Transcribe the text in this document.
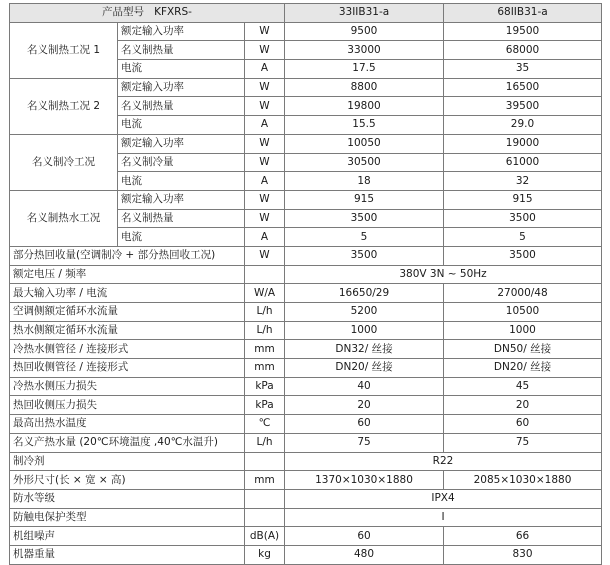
产品型号 KFXRS-			33IIB31-a	68IIB31-a
名义制热工况 1	额定输入功率	W	9500	19500
	名义制热量	W	33000	68000
	电流	A	17.5	35
名义制热工况 2	额定输入功率	W	8800	16500
	名义制热量	W	19800	39500
	电流	A	15.5	29.0
名义制冷工况	额定输入功率	W	10050	19000
	名义制冷量	W	30500	61000
	电流	A	18	32
名义制热水工况	额定输入功率	W	915	915
	名义制热量	W	3500	3500
	电流	A	5	5
部分热回收量(空调制冷 + 部分热回收工况)		W	3500	3500
额定电压 / 频率			380V 3N ~ 50Hz	
最大输入功率 / 电流		W/A	16650/29	27000/48
空调侧额定循环水流量		L/h	5200	10500
热水侧额定循环水流量		L/h	1000	1000
冷热水侧管径 / 连接形式		mm	DN32/ 丝接	DN50/ 丝接
热回收侧管径 / 连接形式		mm	DN20/ 丝接	DN20/ 丝接
冷热水侧压力损失		kPa	40	45
热回收侧压力损失		kPa	20	20
最高出热水温度		℃	60	60
名义产热水量 (20℃环境温度 ,40℃水温升)		L/h	75	75
制冷剂			R22	
外形尺寸(长 × 宽 × 高)		mm	1370×1030×1880	2085×1030×1880
防水等级			IPX4	
防触电保护类型			I	
机组噪声		dB(A)	60	66
机器重量		kg	480	830
